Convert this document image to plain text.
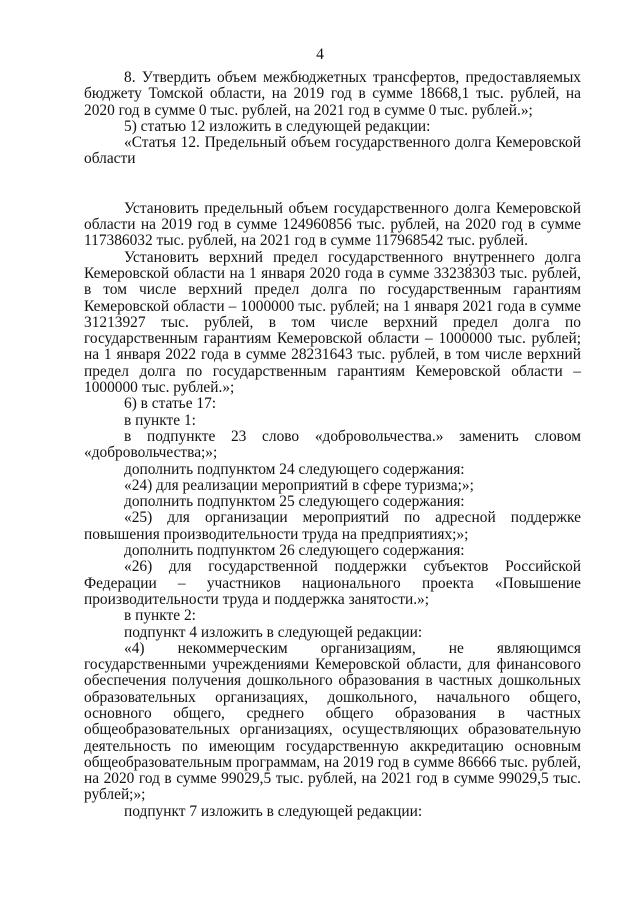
4

8. Утвердить объем межбюджетных трансфертов, предоставляемых бюджету Томской области, на 2019 год в сумме 18668,1 тыс. рублей, на 2020 год в сумме 0 тыс. рублей, на 2021 год в сумме 0 тыс. рублей.»;

5) статью 12 изложить в следующей редакции:

«Статья 12. Предельный объем государственного долга Кемеровской области

Установить предельный объем государственного долга Кемеровской области на 2019 год в сумме 124960856 тыс. рублей, на 2020 год в сумме 117386032 тыс. рублей, на 2021 год в сумме 117968542 тыс. рублей.

Установить верхний предел государственного внутреннего долга Кемеровской области на 1 января 2020 года в сумме 33238303 тыс. рублей, в том числе верхний предел долга по государственным гарантиям Кемеровской области – 1000000 тыс. рублей; на 1 января 2021 года в сумме 31213927 тыс. рублей, в том числе верхний предел долга по государственным гарантиям Кемеровской области – 1000000 тыс. рублей; на 1 января 2022 года в сумме 28231643 тыс. рублей, в том числе верхний предел долга по государственным гарантиям Кемеровской области – 1000000 тыс. рублей.»;

6) в статье 17:

в пункте 1:

в подпункте 23 слово «добровольчества.» заменить словом «добровольчества;»;

дополнить подпунктом 24 следующего содержания:

«24) для реализации мероприятий в сфере туризма;»;

дополнить подпунктом 25 следующего содержания:

«25) для организации мероприятий по адресной поддержке повышения производительности труда на предприятиях;»;

дополнить подпунктом 26 следующего содержания:

«26) для государственной поддержки субъектов Российской Федерации – участников национального проекта «Повышение производительности труда и поддержка занятости.»;

в пункте 2:

подпункт 4 изложить в следующей редакции:

«4) некоммерческим организациям, не являющимся государственными учреждениями Кемеровской области, для финансового обеспечения получения дошкольного образования в частных дошкольных образовательных организациях, дошкольного, начального общего, основного общего, среднего общего образования в частных общеобразовательных организациях, осуществляющих образовательную деятельность по имеющим государственную аккредитацию основным общеобразовательным программам, на 2019 год в сумме 86666 тыс. рублей, на 2020 год в сумме 99029,5 тыс. рублей, на 2021 год в сумме 99029,5 тыс. рублей;»;

подпункт 7 изложить в следующей редакции:
